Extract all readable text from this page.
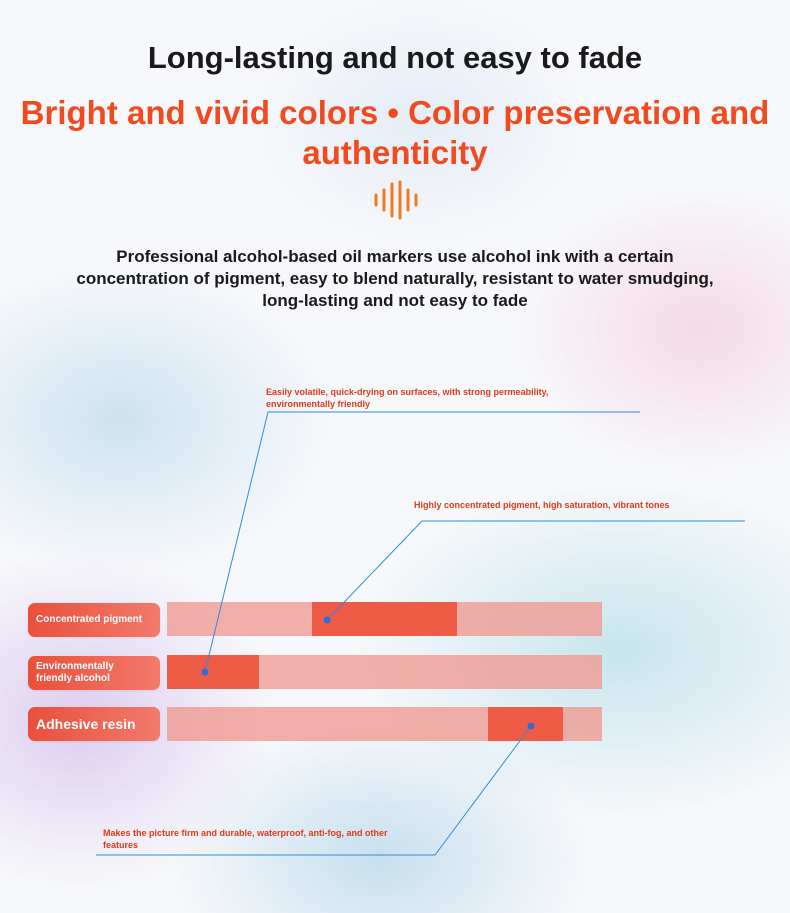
Long-lasting and not easy to fade
Bright and vivid colors • Color preservation and authenticity
Professional alcohol-based oil markers use alcohol ink with a certain concentration of pigment, easy to blend naturally, resistant to water smudging, long-lasting and not easy to fade
Easily volatile, quick-drying on surfaces, with strong permeability, environmentally friendly
Highly concentrated pigment, high saturation, vibrant tones
Makes the picture firm and durable, waterproof, anti-fog, and other features
Concentrated pigment
Environmentally friendly alcohol
Adhesive resin
